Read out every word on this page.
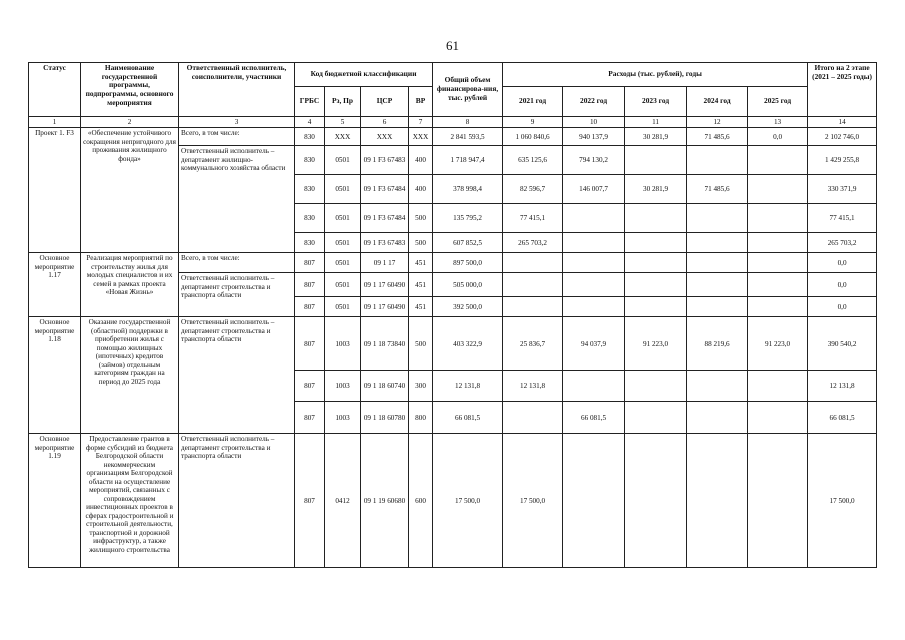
61
Статус	Наименование государственной программы, подпрограммы, основного мероприятия	Ответственный исполнитель, соисполнители, участники	Код бюджетной классификации				Общий объем финансирова-ния, тыс. рублей	Расходы (тыс. рублей), годы					Итого на 2 этапе (2021 – 2025 годы)
			ГРБС	Рз, Пр	ЦСР	ВР		2021 год	2022 год	2023 год	2024 год	2025 год	
1	2	3	4	5	6	7	8	9	10	11	12	13	14
Проект 1. F3	«Обеспечение устойчивого сокращения непригодного для проживания жилищного фонда»	Всего, в том числе:	830	XXX	XXX	XXX	2 841 593,5	1 060 840,6	940 137,9	30 281,9	71 485,6	0,0	2 102 746,0
		Ответственный исполнитель – департамент жилищно-коммунального хозяйства области	830	0501	09 1 F3 67483	400	1 718 947,4	635 125,6	794 130,2				1 429 255,8
			830	0501	09 1 F3 67484	400	378 998,4	82 596,7	146 007,7	30 281,9	71 485,6		330 371,9
			830	0501	09 1 F3 67484	500	135 795,2	77 415,1					77 415,1
			830	0501	09 1 F3 67483	500	607 852,5	265 703,2					265 703,2
Основное мероприятие 1.17	Реализация мероприятий по строительству жилья для молодых специалистов и их семей в рамках проекта «Новая Жизнь»	Всего, в том числе:	807	0501	09 1 17	451	897 500,0						0,0
		Ответственный исполнитель – департамент строительства и транспорта области	807	0501	09 1 17 60490	451	505 000,0						0,0
			807	0501	09 1 17 60490	451	392 500,0						0,0
Основное мероприятие 1.18	Оказание государственной (областной) поддержки в приобретении жилья с помощью жилищных (ипотечных) кредитов (займов) отдельным категориям граждан на период до 2025 года	Ответственный исполнитель – департамент строительства и транспорта области	807	1003	09 1 18 73840	500	403 322,9	25 836,7	94 037,9	91 223,0	88 219,6	91 223,0	390 540,2
			807	1003	09 1 18 60740	300	12 131,8	12 131,8					12 131,8
			807	1003	09 1 18 60780	800	66 081,5		66 081,5				66 081,5
Основное мероприятие 1.19	Предоставление грантов в форме субсидий из бюджета Белгородской области некоммерческим организациям Белгородской области на осуществление мероприятий, связанных с сопровождением инвестиционных проектов в сферах градостроительной и строительной деятельности, транспортной и дорожной инфраструктур, а также жилищного строительства	Ответственный исполнитель – департамент строительства и транспорта области	807	0412	09 1 19 60680	600	17 500,0	17 500,0					17 500,0
